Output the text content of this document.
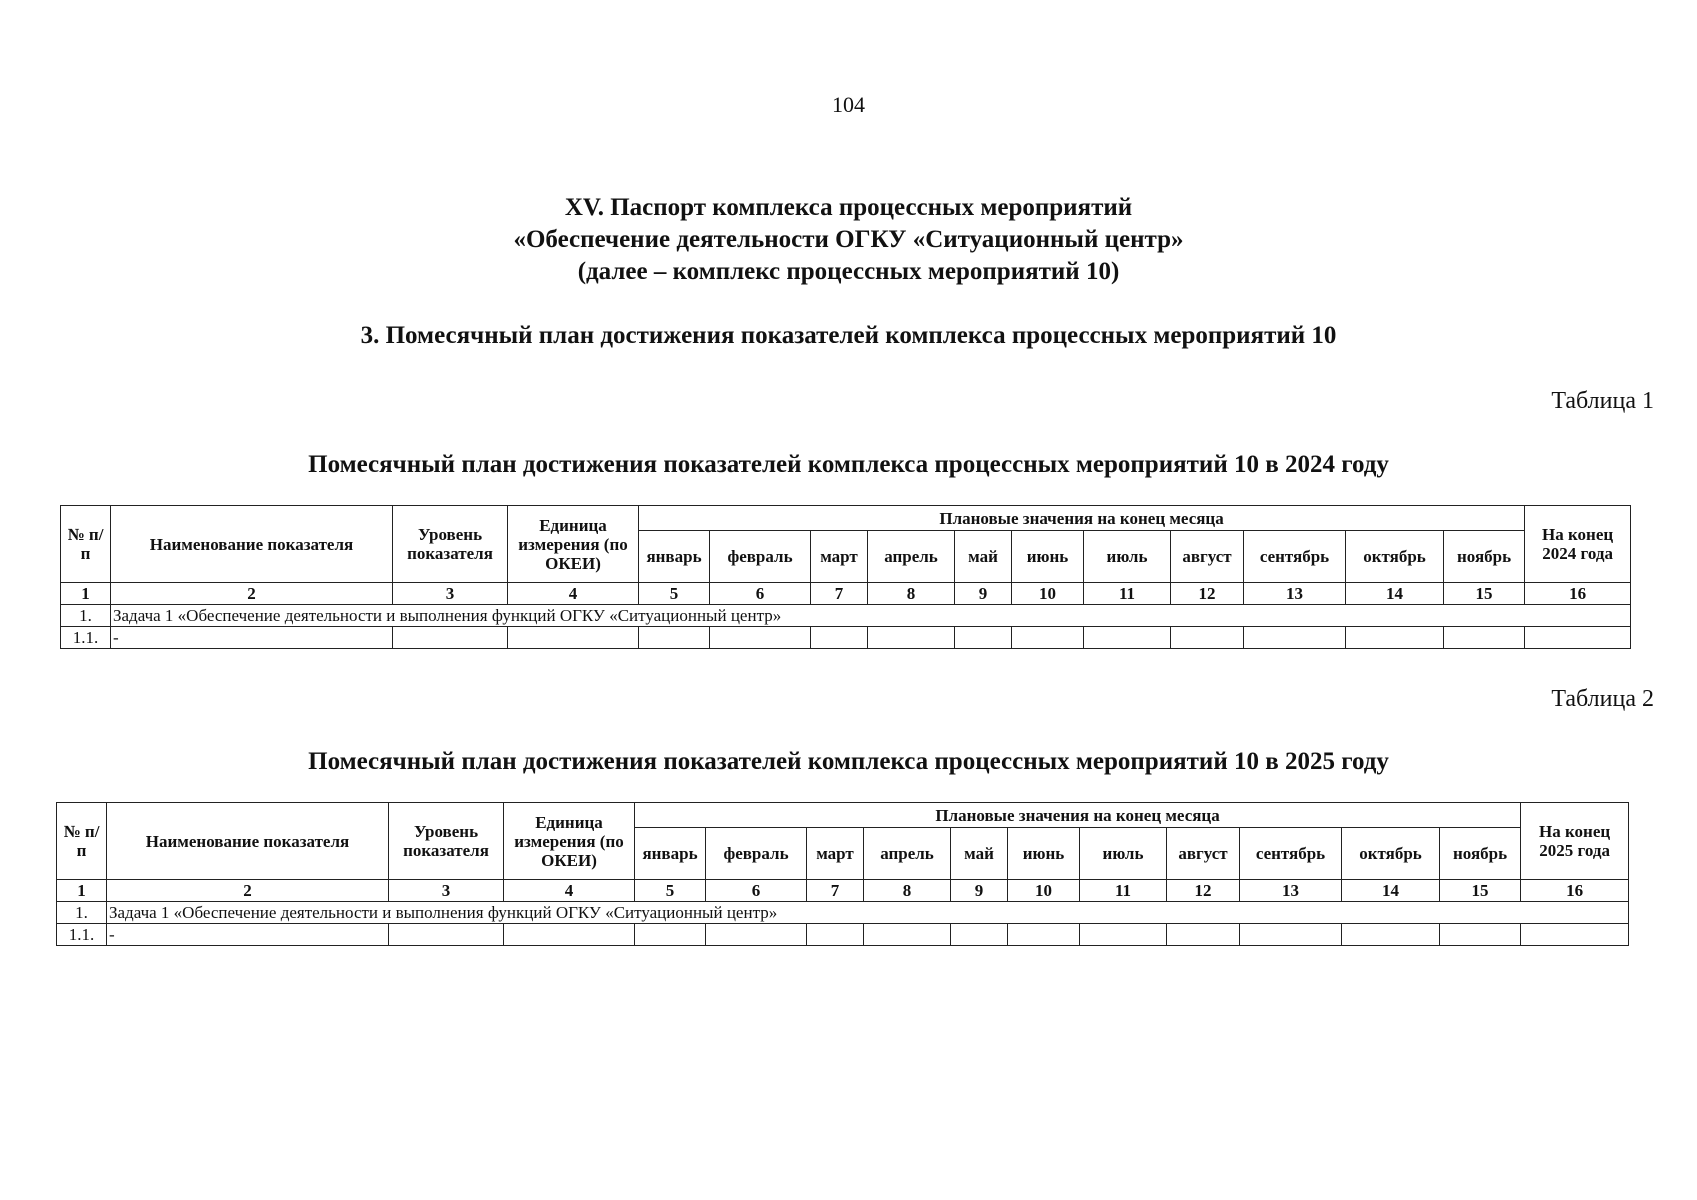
104
XV. Паспорт комплекса процессных мероприятий
«Обеспечение деятельности ОГКУ «Ситуационный центр»
(далее – комплекс процессных мероприятий 10)
3. Помесячный план достижения показателей комплекса процессных мероприятий 10
Таблица 1
Помесячный план достижения показателей комплекса процессных мероприятий 10 в 2024 году
№ п/п	Наименование показателя	Уровень показателя	Единица измерения (по ОКЕИ)	Плановые значения на конец месяца											На конец 2024 года
				январь	февраль	март	апрель	май	июнь	июль	август	сентябрь	октябрь	ноябрь	
1	2	3	4	5	6	7	8	9	10	11	12	13	14	15	16
1.	Задача 1 «Обеспечение деятельности и выполнения функций ОГКУ «Ситуационный центр»														
1.1.	-														
Таблица 2
Помесячный план достижения показателей комплекса процессных мероприятий 10 в 2025 году
№ п/п	Наименование показателя	Уровень показателя	Единица измерения (по ОКЕИ)	Плановые значения на конец месяца											На конец 2025 года
				январь	февраль	март	апрель	май	июнь	июль	август	сентябрь	октябрь	ноябрь	
1	2	3	4	5	6	7	8	9	10	11	12	13	14	15	16
1.	Задача 1 «Обеспечение деятельности и выполнения функций ОГКУ «Ситуационный центр»														
1.1.	-														
